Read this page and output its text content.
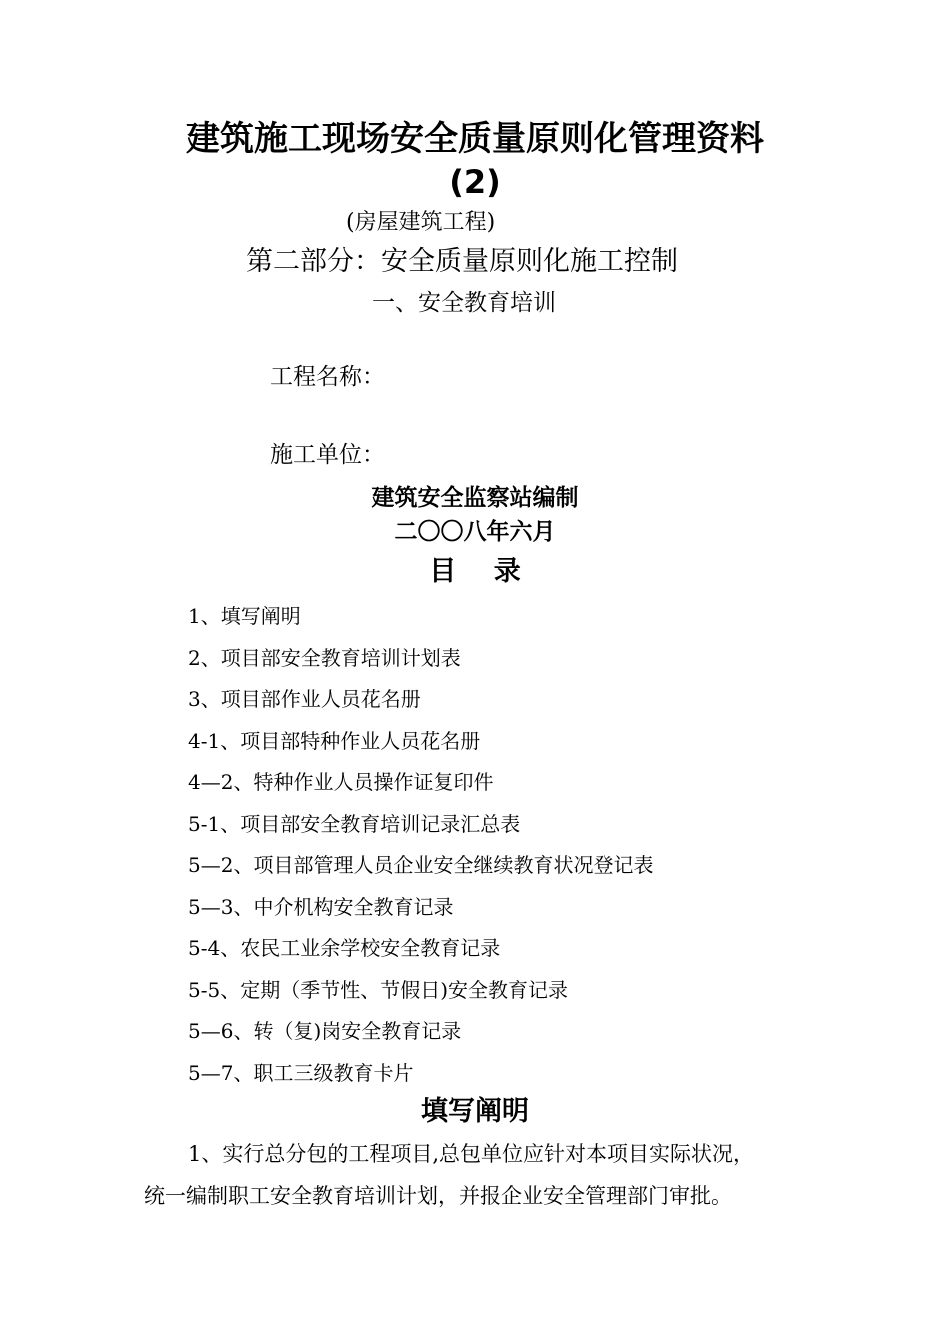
建筑施工现场安全质量原则化管理资料
(2)
(房屋建筑工程)
第二部分：安全质量原则化施工控制
一、安全教育培训
工程名称：
施工单位：
建筑安全监察站编制
二〇〇八年六月
目    录
1、填写阐明
2、项目部安全教育培训计划表
3、项目部作业人员花名册
4-1、项目部特种作业人员花名册
4—2、特种作业人员操作证复印件
5-1、项目部安全教育培训记录汇总表
5—2、项目部管理人员企业安全继续教育状况登记表
5—3、中介机构安全教育记录
5-4、农民工业余学校安全教育记录
5-5、定期（季节性、节假日)安全教育记录
5—6、转（复)岗安全教育记录
5—7、职工三级教育卡片
填写阐明
1、实行总分包的工程项目,总包单位应针对本项目实际状况，
统一编制职工安全教育培训计划，并报企业安全管理部门审批。
